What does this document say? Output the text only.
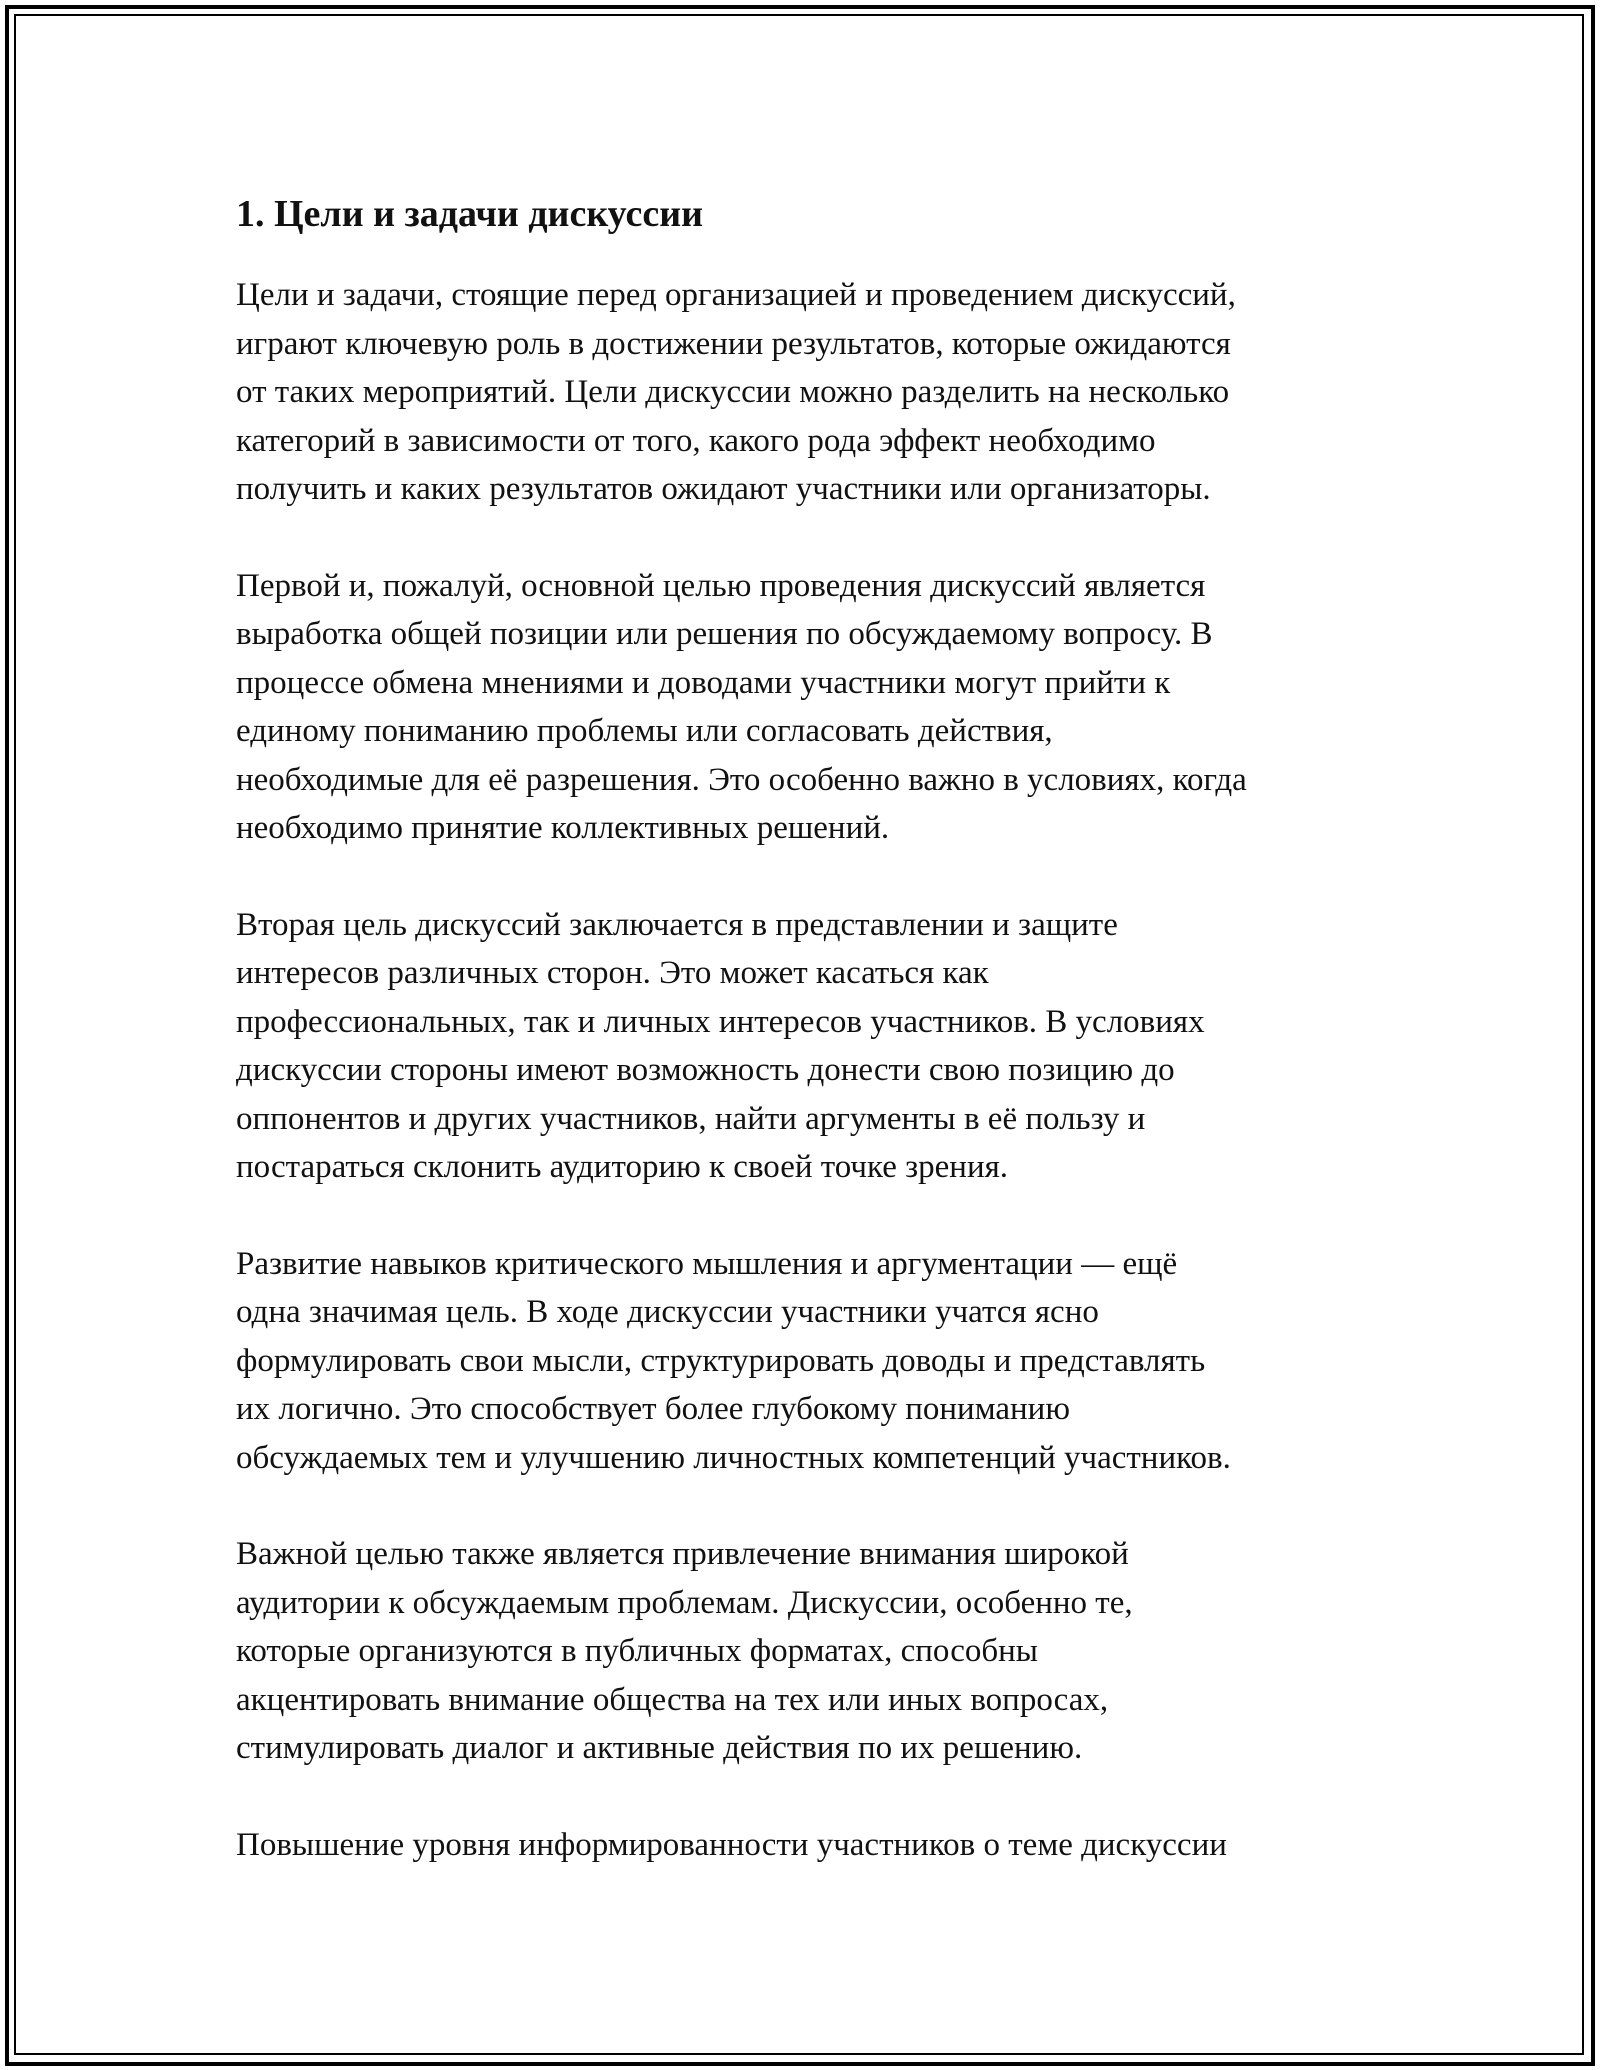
1. Цели и задачи дискуссии

Цели и задачи, стоящие перед организацией и проведением дискуссий,
играют ключевую роль в достижении результатов, которые ожидаются
от таких мероприятий. Цели дискуссии можно разделить на несколько
категорий в зависимости от того, какого рода эффект необходимо
получить и каких результатов ожидают участники или организаторы.

Первой и, пожалуй, основной целью проведения дискуссий является
выработка общей позиции или решения по обсуждаемому вопросу. В
процессе обмена мнениями и доводами участники могут прийти к
единому пониманию проблемы или согласовать действия,
необходимые для её разрешения. Это особенно важно в условиях, когда
необходимо принятие коллективных решений.

Вторая цель дискуссий заключается в представлении и защите
интересов различных сторон. Это может касаться как
профессиональных, так и личных интересов участников. В условиях
дискуссии стороны имеют возможность донести свою позицию до
оппонентов и других участников, найти аргументы в её пользу и
постараться склонить аудиторию к своей точке зрения.

Развитие навыков критического мышления и аргументации — ещё
одна значимая цель. В ходе дискуссии участники учатся ясно
формулировать свои мысли, структурировать доводы и представлять
их логично. Это способствует более глубокому пониманию
обсуждаемых тем и улучшению личностных компетенций участников.

Важной целью также является привлечение внимания широкой
аудитории к обсуждаемым проблемам. Дискуссии, особенно те,
которые организуются в публичных форматах, способны
акцентировать внимание общества на тех или иных вопросах,
стимулировать диалог и активные действия по их решению.

Повышение уровня информированности участников о теме дискуссии
